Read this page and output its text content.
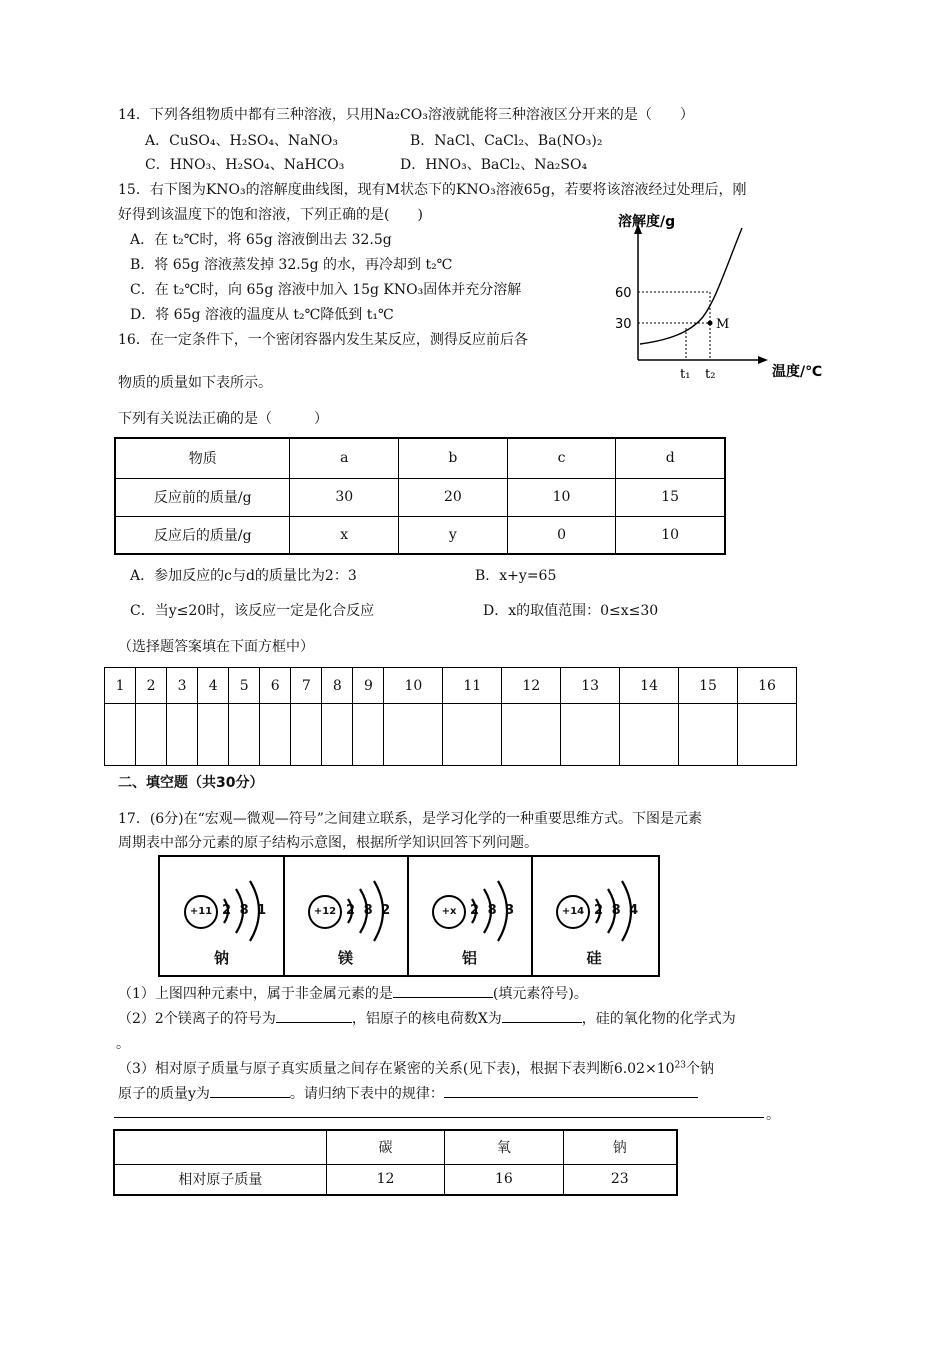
14．下列各组物质中都有三种溶液，只用Na₂CO₃溶液就能将三种溶液区分开来的是（　　）
A．CuSO₄、H₂SO₄、NaNO₃	B．NaCl、CaCl₂、Ba(NO₃)₂
C．HNO₃、H₂SO₄、NaHCO₃	D．HNO₃、BaCl₂、Na₂SO₄
15．右下图为KNO₃的溶解度曲线图，现有M状态下的KNO₃溶液65g，若要将该溶液经过处理后，刚
好得到该温度下的饱和溶液，下列正确的是(　　)
A．在 t₂℃时，将 65g 溶液倒出去 32.5g
B．将 65g 溶液蒸发掉 32.5g 的水，再冷却到 t₂℃
C．在 t₂℃时，向 65g 溶液中加入 15g KNO₃固体并充分溶解
D．将 65g 溶液的温度从 t₂℃降低到 t₁℃
溶解度/g
60
30	M
t₁ t₂	温度/℃
16．在一定条件下，一个密闭容器内发生某反应，测得反应前后各
物质的质量如下表所示。
下列有关说法正确的是（　　　）
物质	a	b	c	d
反应前的质量/g	30	20	10	15
反应后的质量/g	x	y	0	10
A．参加反应的c与d的质量比为2：3	B．x+y=65
C．当y≤20时，该反应一定是化合反应	D．x的取值范围：0≤x≤30
（选择题答案填在下面方框中）
1	2	3	4	5	6	7	8	9	10	11	12	13	14	15	16

二、填空题（共30分）
17．(6分)在“宏观—微观—符号”之间建立联系，是学习化学的一种重要思维方式。下图是元素
周期表中部分元素的原子结构示意图，根据所学知识回答下列问题。
+11 2 8 1
钠
+12 2 8 2
镁
+x	2 8 3
铝
+14 2 8 4
硅
（1）上图四种元素中，属于非金属元素的是	(填元素符号)。
（2）2个镁离子的符号为	，铝原子的核电荷数X为	，硅的氧化物的化学式为
。
（3）相对原子质量与原子真实质量之间存在紧密的关系(见下表)，根据下表判断$6.02\times 10^{23}$个钠
原子的质量y为	。请归纳下表中的规律：
。
	碳	氧	钠
相对原子质量	12	16	23
